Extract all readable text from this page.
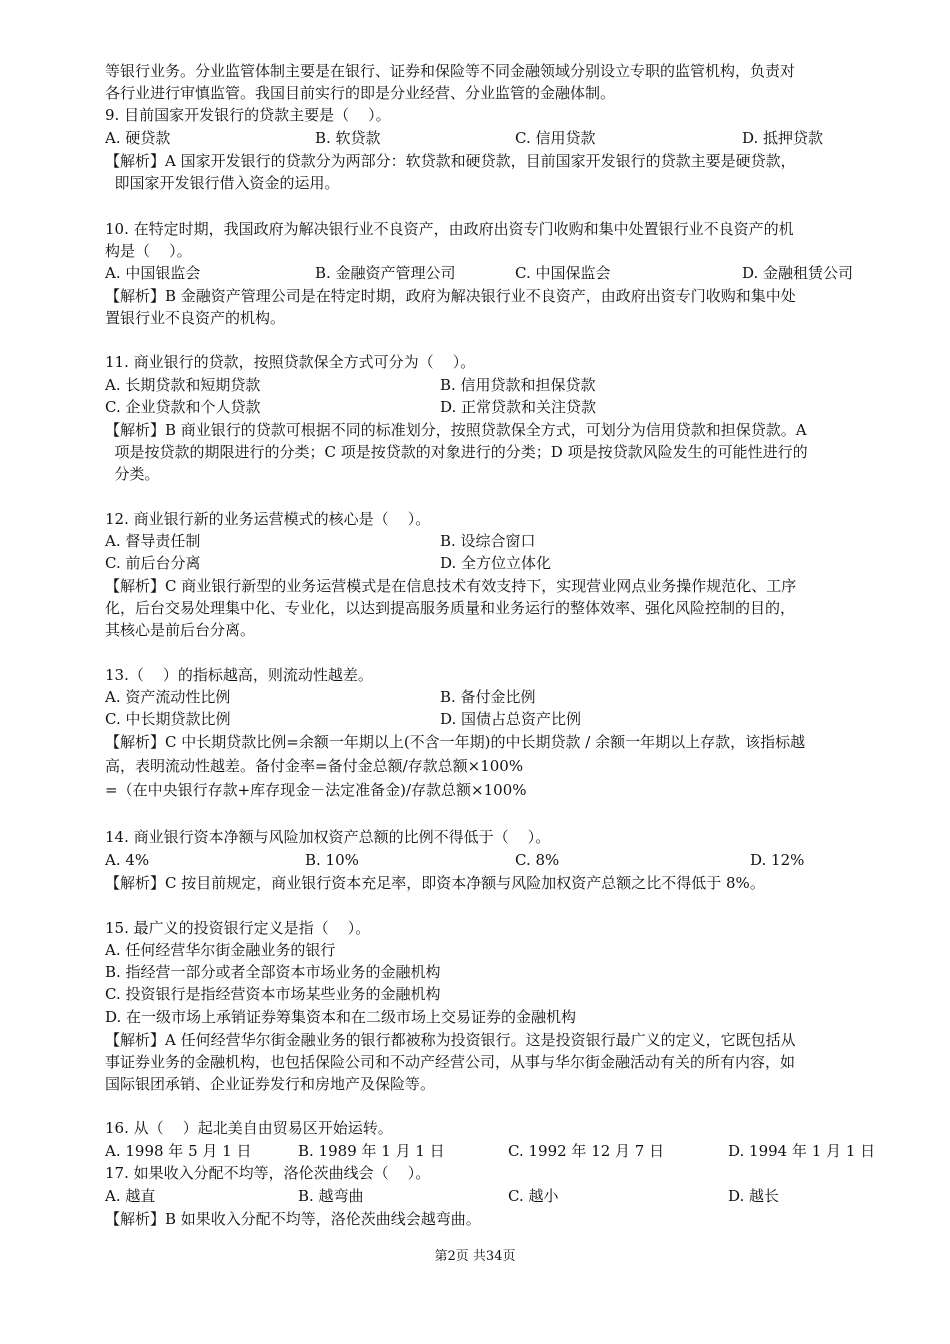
等银行业务。分业监管体制主要是在银行、证券和保险等不同金融领域分别设立专职的监管机构，负责对
各行业进行审慎监管。我国目前实行的即是分业经营、分业监管的金融体制。
9. 目前国家开发银行的贷款主要是（    ）。
A. 硬贷款	B. 软贷款	C. 信用贷款	D. 抵押贷款
【解析】A 国家开发银行的贷款分为两部分：软贷款和硬贷款，目前国家开发银行的贷款主要是硬贷款，
即国家开发银行借入资金的运用。
10. 在特定时期，我国政府为解决银行业不良资产，由政府出资专门收购和集中处置银行业不良资产的机
构是（    ）。
A. 中国银监会	B. 金融资产管理公司	C. 中国保监会	D. 金融租赁公司
【解析】B 金融资产管理公司是在特定时期，政府为解决银行业不良资产，由政府出资专门收购和集中处
置银行业不良资产的机构。
11. 商业银行的贷款，按照贷款保全方式可分为（    ）。
A. 长期贷款和短期贷款	B. 信用贷款和担保贷款
C. 企业贷款和个人贷款	D. 正常贷款和关注贷款
【解析】B 商业银行的贷款可根据不同的标准划分，按照贷款保全方式，可划分为信用贷款和担保贷款。A
项是按贷款的期限进行的分类；C 项是按贷款的对象进行的分类；D 项是按贷款风险发生的可能性进行的
分类。
12. 商业银行新的业务运营模式的核心是（    ）。
A. 督导责任制	B. 设综合窗口
C. 前后台分离	D. 全方位立体化
【解析】C 商业银行新型的业务运营模式是在信息技术有效支持下，实现营业网点业务操作规范化、工序
化，后台交易处理集中化、专业化，以达到提高服务质量和业务运行的整体效率、强化风险控制的目的，
其核心是前后台分离。
13.（    ）的指标越高，则流动性越差。
A. 资产流动性比例	B. 备付金比例
C. 中长期贷款比例	D. 国债占总资产比例
【解析】C 中长期贷款比例=余额一年期以上(不含一年期)的中长期贷款 / 余额一年期以上存款，该指标越
高，表明流动性越差。备付金率=备付金总额/存款总额×100%
=（在中央银行存款+库存现金－法定准备金)/存款总额×100%
14. 商业银行资本净额与风险加权资产总额的比例不得低于（    ）。
A. 4%	B. 10%	C. 8%	D. 12%
【解析】C 按目前规定，商业银行资本充足率，即资本净额与风险加权资产总额之比不得低于 8%。
15. 最广义的投资银行定义是指（    ）。
A. 任何经营华尔街金融业务的银行
B. 指经营一部分或者全部资本市场业务的金融机构
C. 投资银行是指经营资本市场某些业务的金融机构
D. 在一级市场上承销证券筹集资本和在二级市场上交易证券的金融机构
【解析】A 任何经营华尔街金融业务的银行都被称为投资银行。这是投资银行最广义的定义，它既包括从
事证券业务的金融机构，也包括保险公司和不动产经营公司，从事与华尔街金融活动有关的所有内容，如
国际银团承销、企业证券发行和房地产及保险等。
16. 从（    ）起北美自由贸易区开始运转。
A. 1998 年 5 月 1 日	B. 1989 年 1 月 1 日	C. 1992 年 12 月 7 日	D. 1994 年 1 月 1 日
17. 如果收入分配不均等，洛伦茨曲线会（    ）。
A. 越直	B. 越弯曲	C. 越小	D. 越长
【解析】B 如果收入分配不均等，洛伦茨曲线会越弯曲。
第2页 共34页
